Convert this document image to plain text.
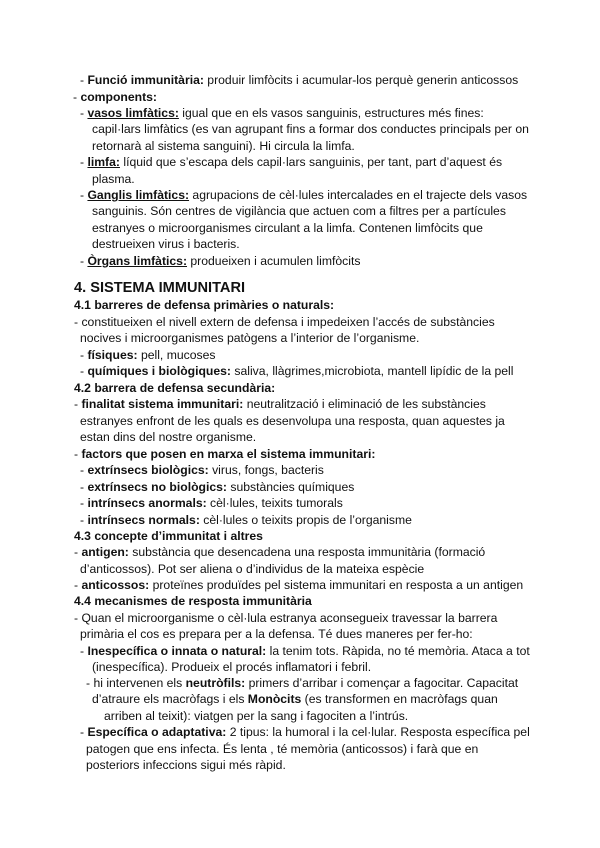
4. SISTEMA IMMUNITARI
- Funció immunitària: produir limfòcits i acumular-los perquè generin anticossos
- components:
- vasos limfàtics: igual que en els vasos sanguinis, estructures més fines:
capil·lars limfàtics (es van agrupant fins a formar dos conductes principals per on
retornarà al sistema sanguini). Hi circula la limfa.
- limfa: líquid que s’escapa dels capil·lars sanguinis, per tant, part d’aquest és
plasma.
- Ganglis limfàtics: agrupacions de cèl·lules intercalades en el trajecte dels vasos
sanguinis. Són centres de vigilància que actuen com a filtres per a partícules
estranyes o microorganismes circulant a la limfa. Contenen limfòcits que
destrueixen virus i bacteris.
- Òrgans limfàtics: produeixen i acumulen limfòcits
4.1 barreres de defensa primàries o naturals:
- constitueixen el nivell extern de defensa i impedeixen l’accés de substàncies
nocives i microorganismes patògens a l’interior de l’organisme.
- físiques: pell, mucoses
- químiques i biològiques: saliva, llàgrimes,microbiota, mantell lipídic de la pell
4.2 barrera de defensa secundària:
- finalitat sistema immunitari: neutralització i eliminació de les substàncies
estranyes enfront de les quals es desenvolupa una resposta, quan aquestes ja
estan dins del nostre organisme.
- factors que posen en marxa el sistema immunitari:
- extrínsecs biològics: virus, fongs, bacteris
- extrínsecs no biològics: substàncies químiques
- intrínsecs anormals: cèl·lules, teixits tumorals
- intrínsecs normals: cèl·lules o teixits propis de l’organisme
4.3 concepte d’immunitat i altres
- antigen: substància que desencadena una resposta immunitària (formació
d’anticossos). Pot ser aliena o d’individus de la mateixa espècie
- anticossos: proteïnes produïdes pel sistema immunitari en resposta a un antigen
4.4 mecanismes de resposta immunitària
- Quan el microorganisme o cèl·lula estranya aconsegueix travessar la barrera
primària el cos es prepara per a la defensa. Té dues maneres per fer-ho:
- Inespecífica o innata o natural: la tenim tots. Ràpida, no té memòria. Ataca a tot
(inespecífica). Produeix el procés inflamatori i febril.
- hi intervenen els neutròfils: primers d’arribar i començar a fagocitar. Capacitat
d’atraure els macròfags i els Monòcits (es transformen en macròfags quan
arriben al teixit): viatgen per la sang i fagociten a l’intrús.
- Específica o adaptativa: 2 tipus: la humoral i la cel·lular. Resposta específica pel
patogen que ens infecta. És lenta , té memòria (anticossos) i farà que en
posteriors infeccions sigui més ràpid.
